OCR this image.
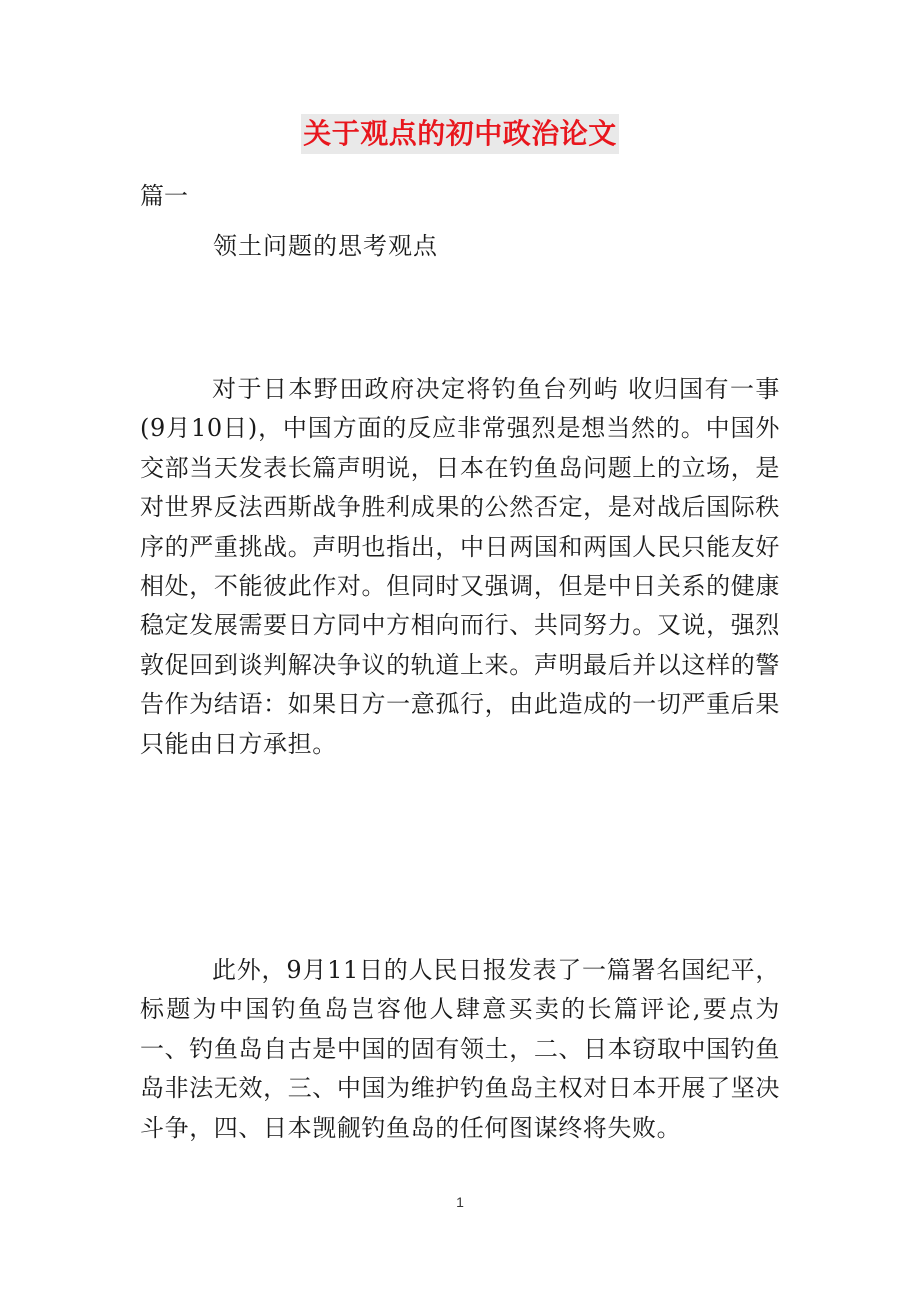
关于观点的初中政治论文
篇一
领土问题的思考观点

对于日本野田政府决定将钓鱼台列屿 收归国有一事(9月10日)，中国方面的反应非常强烈是想当然的。中国外交部当天发表长篇声明说，日本在钓鱼岛问题上的立场，是对世界反法西斯战争胜利成果的公然否定，是对战后国际秩序的严重挑战。声明也指出，中日两国和两国人民只能友好相处，不能彼此作对。但同时又强调，但是中日关系的健康稳定发展需要日方同中方相向而行、共同努力。又说，强烈敦促回到谈判解决争议的轨道上来。声明最后并以这样的警告作为结语：如果日方一意孤行，由此造成的一切严重后果只能由日方承担。

此外，9月11日的人民日报发表了一篇署名国纪平，标题为中国钓鱼岛岂容他人肆意买卖的长篇评论,要点为一、钓鱼岛自古是中国的固有领土，二、日本窃取中国钓鱼岛非法无效，三、中国为维护钓鱼岛主权对日本开展了坚决斗争，四、日本觊觎钓鱼岛的任何图谋终将失败。

1
